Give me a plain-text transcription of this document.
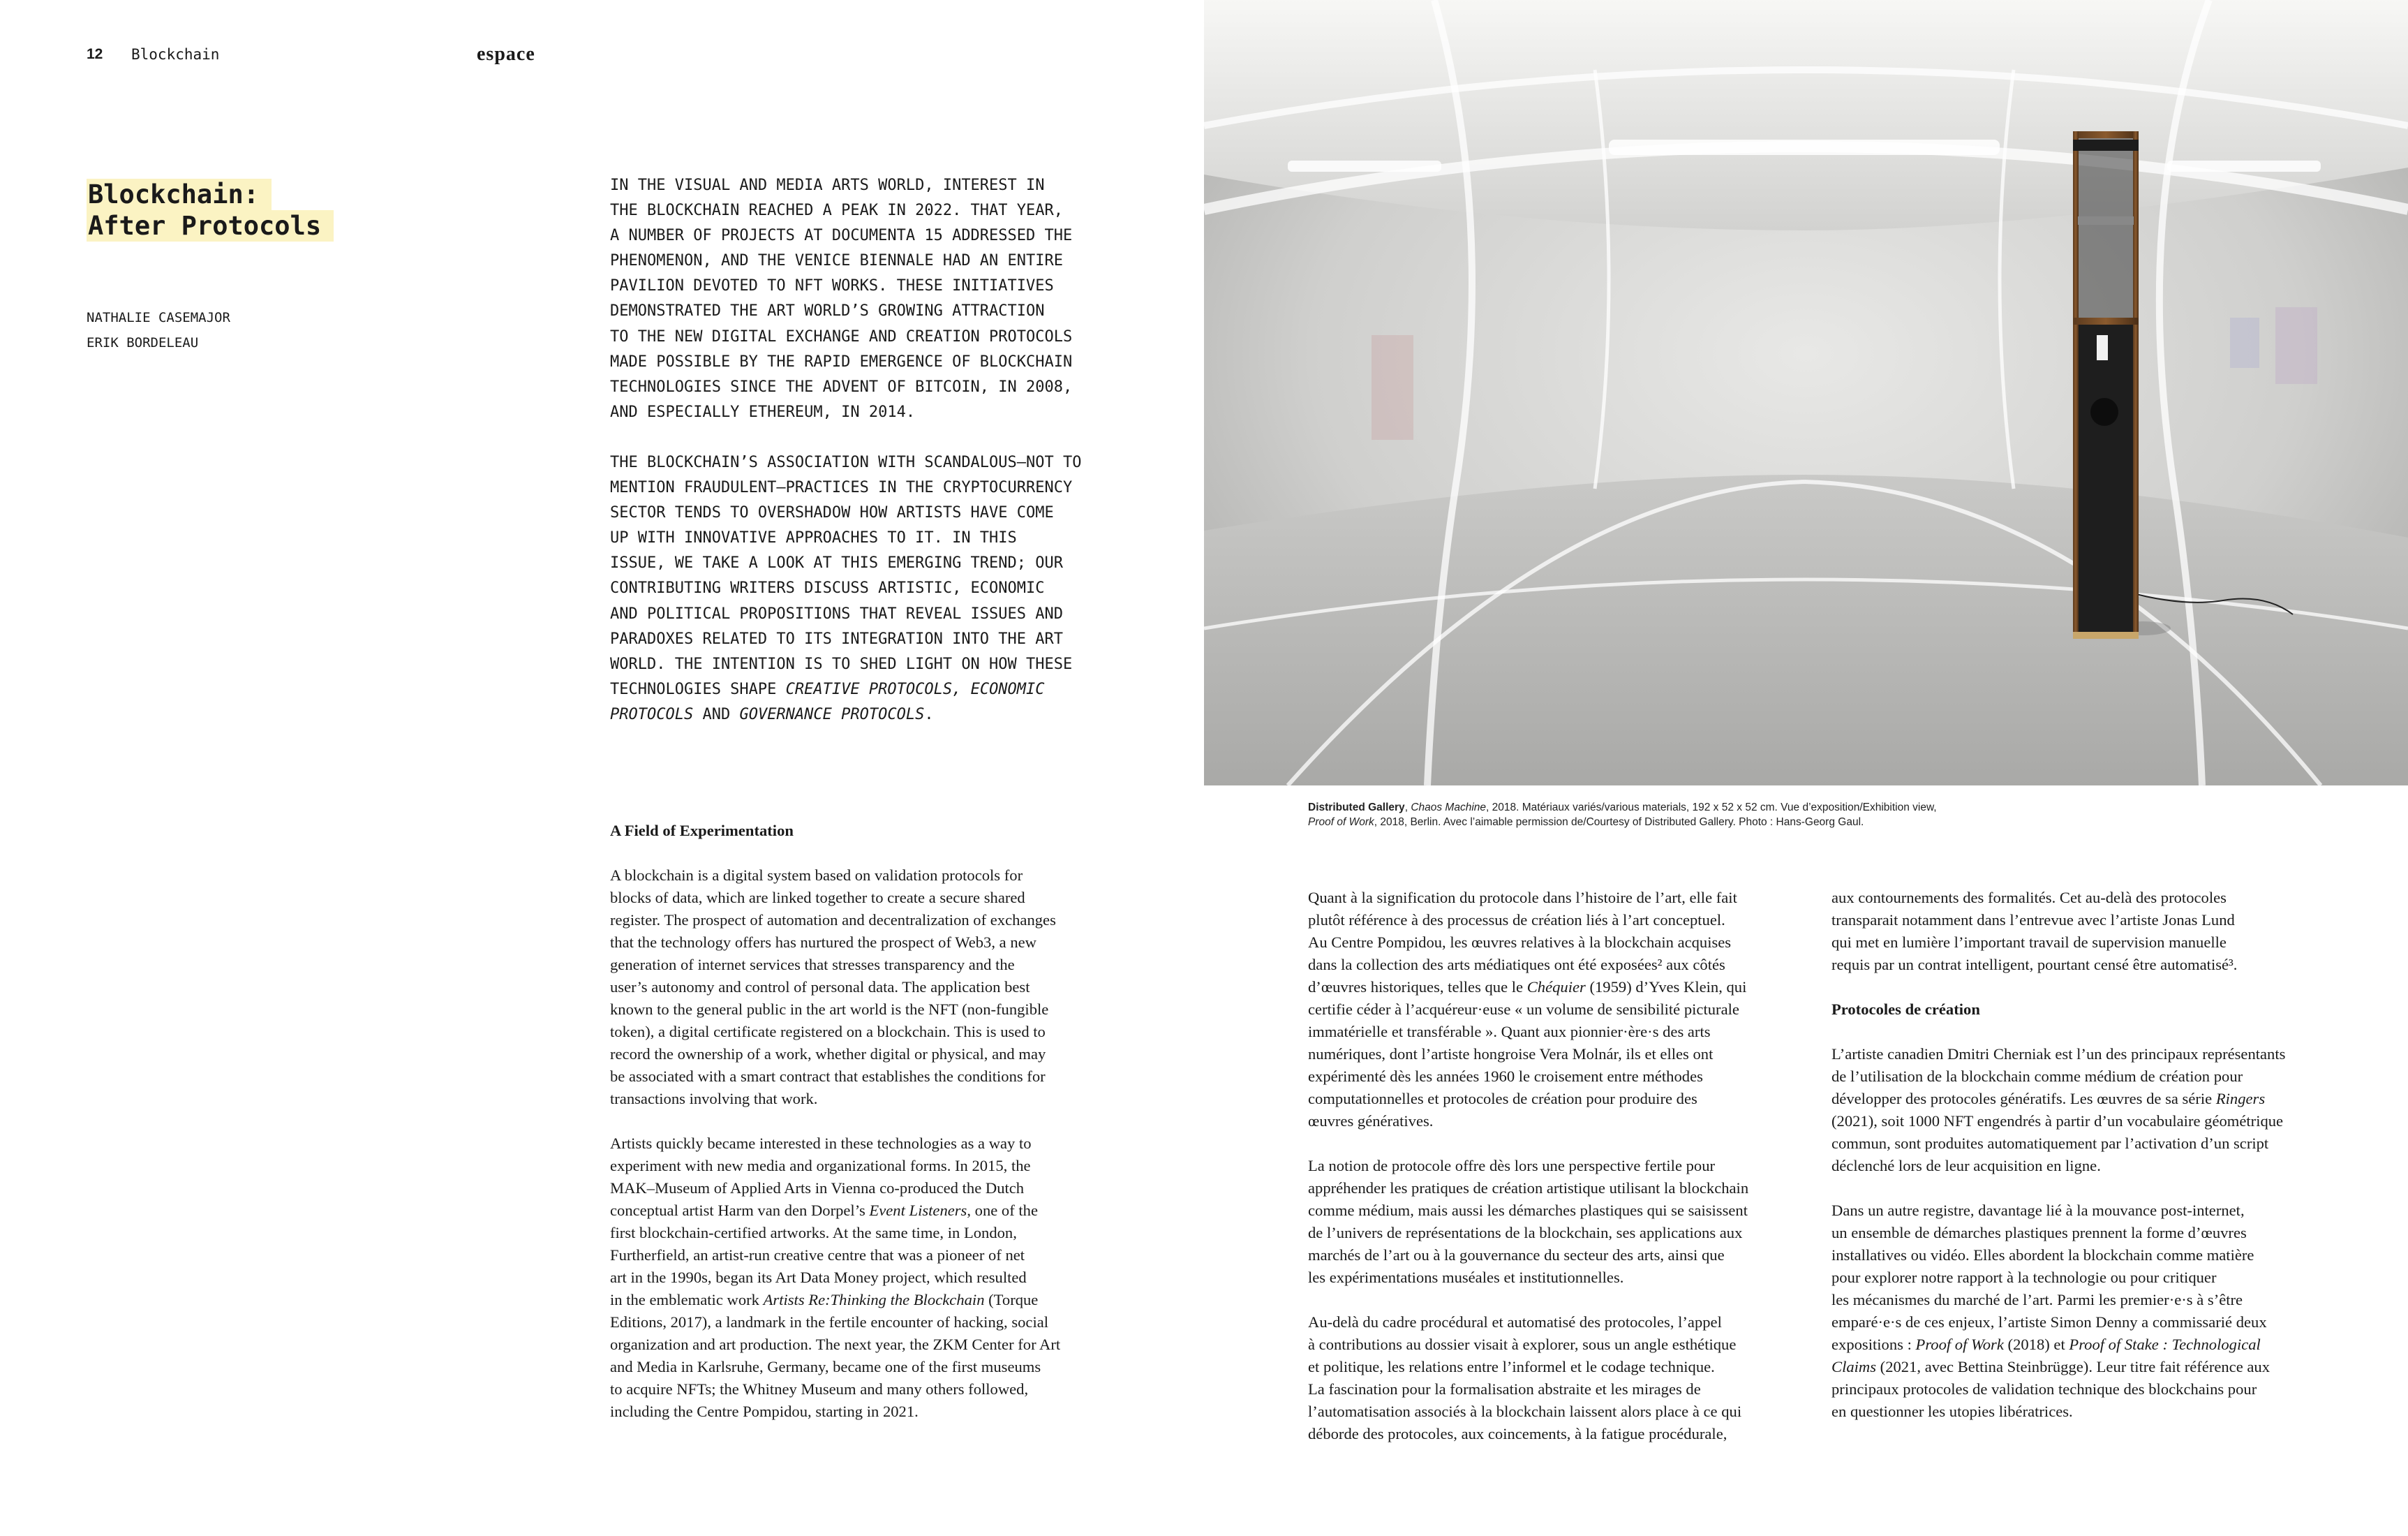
12 Blockchain	espace
Blockchain:
After Protocols
NATHALIE CASEMAJOR
ERIK BORDELEAU

IN THE VISUAL AND MEDIA ARTS WORLD, INTEREST IN
THE BLOCKCHAIN REACHED A PEAK IN 2022. THAT YEAR,
A NUMBER OF PROJECTS AT DOCUMENTA 15 ADDRESSED THE
PHENOMENON, AND THE VENICE BIENNALE HAD AN ENTIRE
PAVILION DEVOTED TO NFT WORKS. THESE INITIATIVES
DEMONSTRATED THE ART WORLD’S GROWING ATTRACTION
TO THE NEW DIGITAL EXCHANGE AND CREATION PROTOCOLS
MADE POSSIBLE BY THE RAPID EMERGENCE OF BLOCKCHAIN
TECHNOLOGIES SINCE THE ADVENT OF BITCOIN, IN 2008,
AND ESPECIALLY ETHEREUM, IN 2014.

THE BLOCKCHAIN’S ASSOCIATION WITH SCANDALOUS—NOT TO
MENTION FRAUDULENT—PRACTICES IN THE CRYPTOCURRENCY
SECTOR TENDS TO OVERSHADOW HOW ARTISTS HAVE COME
UP WITH INNOVATIVE APPROACHES TO IT. IN THIS
ISSUE, WE TAKE A LOOK AT THIS EMERGING TREND; OUR
CONTRIBUTING WRITERS DISCUSS ARTISTIC, ECONOMIC
AND POLITICAL PROPOSITIONS THAT REVEAL ISSUES AND
PARADOXES RELATED TO ITS INTEGRATION INTO THE ART
WORLD. THE INTENTION IS TO SHED LIGHT ON HOW THESE
TECHNOLOGIES SHAPE CREATIVE PROTOCOLS, ECONOMIC
PROTOCOLS AND GOVERNANCE PROTOCOLS.

A Field of Experimentation

A blockchain is a digital system based on validation protocols for
blocks of data, which are linked together to create a secure shared
register. The prospect of automation and decentralization of exchanges
that the technology offers has nurtured the prospect of Web3, a new
generation of internet services that stresses transparency and the
user’s autonomy and control of personal data. The application best
known to the general public in the art world is the NFT (non-fungible
token), a digital certificate registered on a blockchain. This is used to
record the ownership of a work, whether digital or physical, and may
be associated with a smart contract that establishes the conditions for
transactions involving that work.

Artists quickly became interested in these technologies as a way to
experiment with new media and organizational forms. In 2015, the
MAK–Museum of Applied Arts in Vienna co-produced the Dutch
conceptual artist Harm van den Dorpel’s Event Listeners, one of the
first blockchain-certified artworks. At the same time, in London,
Furtherfield, an artist-run creative centre that was a pioneer of net
art in the 1990s, began its Art Data Money project, which resulted
in the emblematic work Artists Re:Thinking the Blockchain (Torque
Editions, 2017), a landmark in the fertile encounter of hacking, social
organization and art production. The next year, the ZKM Center for Art
and Media in Karlsruhe, Germany, became one of the first museums
to acquire NFTs; the Whitney Museum and many others followed,
including the Centre Pompidou, starting in 2021.

Distributed Gallery, Chaos Machine, 2018. Matériaux variés/various materials, 192 x 52 x 52 cm. Vue d’exposition/Exhibition view,
Proof of Work, 2018, Berlin. Avec l’aimable permission de/Courtesy of Distributed Gallery. Photo : Hans-Georg Gaul.

Quant à la signification du protocole dans l’histoire de l’art, elle fait
plutôt référence à des processus de création liés à l’art conceptuel.
Au Centre Pompidou, les œuvres relatives à la blockchain acquises
dans la collection des arts médiatiques ont été exposées² aux côtés
d’œuvres historiques, telles que le Chéquier (1959) d’Yves Klein, qui
certifie céder à l’acquéreur·euse « un volume de sensibilité picturale
immatérielle et transférable ». Quant aux pionnier·ère·s des arts
numériques, dont l’artiste hongroise Vera Molnár, ils et elles ont
expérimenté dès les années 1960 le croisement entre méthodes
computationnelles et protocoles de création pour produire des
œuvres génératives.

La notion de protocole offre dès lors une perspective fertile pour
appréhender les pratiques de création artistique utilisant la blockchain
comme médium, mais aussi les démarches plastiques qui se saisissent
de l’univers de représentations de la blockchain, ses applications aux
marchés de l’art ou à la gouvernance du secteur des arts, ainsi que
les expérimentations muséales et institutionnelles.

Au-delà du cadre procédural et automatisé des protocoles, l’appel
à contributions au dossier visait à explorer, sous un angle esthétique
et politique, les relations entre l’informel et le codage technique.
La fascination pour la formalisation abstraite et les mirages de
l’automatisation associés à la blockchain laissent alors place à ce qui
déborde des protocoles, aux coincements, à la fatigue procédurale,

aux contournements des formalités. Cet au-delà des protocoles
transparait notamment dans l’entrevue avec l’artiste Jonas Lund
qui met en lumière l’important travail de supervision manuelle
requis par un contrat intelligent, pourtant censé être automatisé³.

Protocoles de création

L’artiste canadien Dmitri Cherniak est l’un des principaux représentants
de l’utilisation de la blockchain comme médium de création pour
développer des protocoles génératifs. Les œuvres de sa série Ringers
(2021), soit 1000 NFT engendrés à partir d’un vocabulaire géométrique
commun, sont produites automatiquement par l’activation d’un script
déclenché lors de leur acquisition en ligne.

Dans un autre registre, davantage lié à la mouvance post-internet,
un ensemble de démarches plastiques prennent la forme d’œuvres
installatives ou vidéo. Elles abordent la blockchain comme matière
pour explorer notre rapport à la technologie ou pour critiquer
les mécanismes du marché de l’art. Parmi les premier·e·s à s’être
emparé·e·s de ces enjeux, l’artiste Simon Denny a commissarié deux
expositions : Proof of Work (2018) et Proof of Stake : Technological
Claims (2021, avec Bettina Steinbrügge). Leur titre fait référence aux
principaux protocoles de validation technique des blockchains pour
en questionner les utopies libératrices.
